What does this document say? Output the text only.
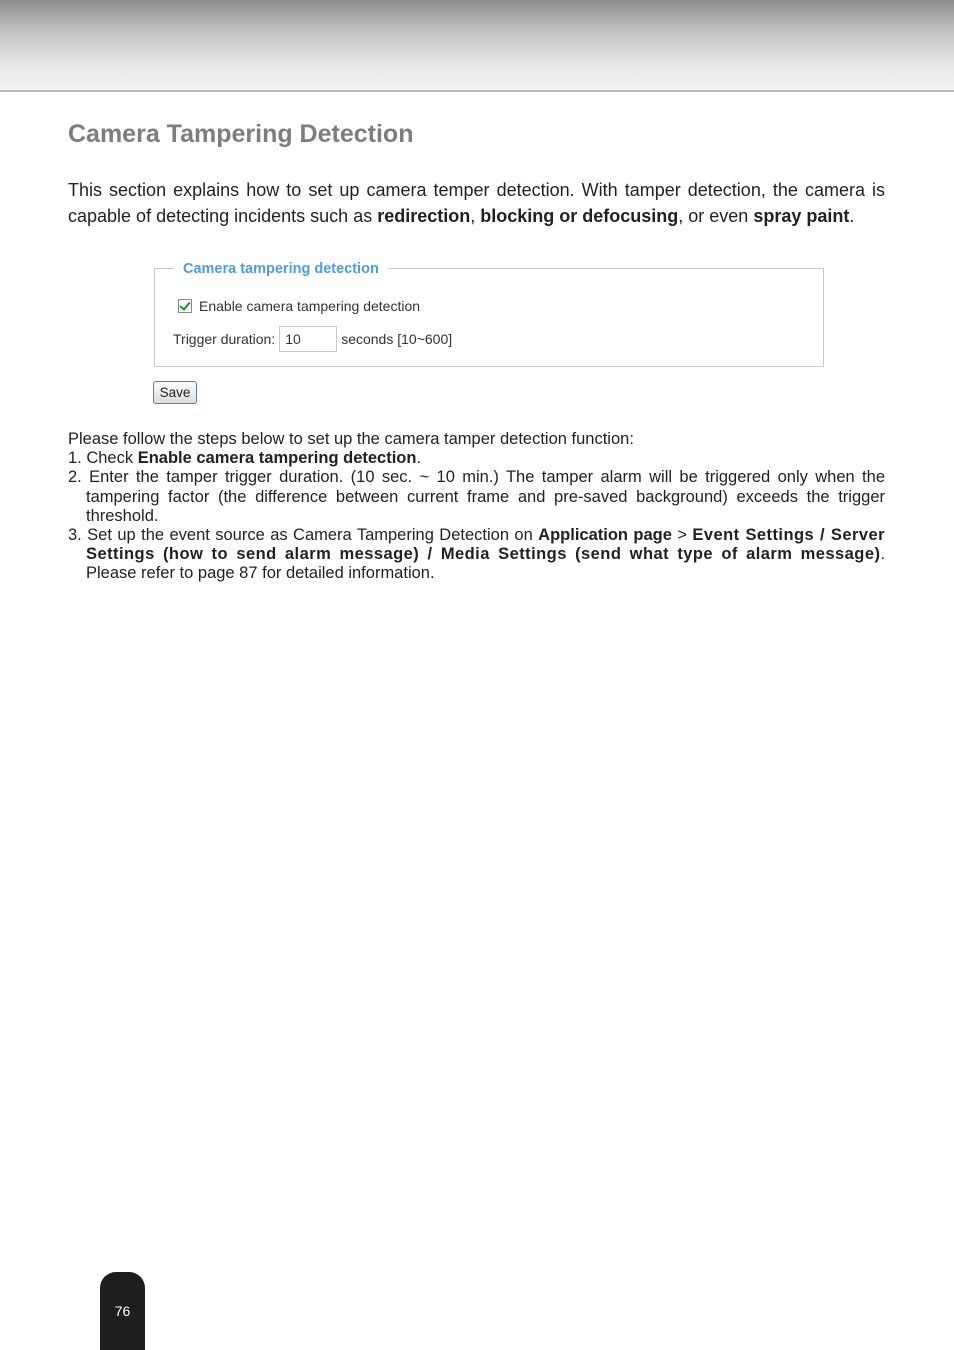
Camera Tampering Detection

This section explains how to set up camera temper detection. With tamper detection, the camera is capable of detecting incidents such as redirection, blocking or defocusing, or even spray paint.

Camera tampering detection
Enable camera tampering detection
Trigger duration: 10	seconds [10~600]
Save

Please follow the steps below to set up the camera tamper detection function:

1. Check Enable camera tampering detection.

2. Enter the tamper trigger duration. (10 sec. ~ 10 min.) The tamper alarm will be triggered only when the tampering factor (the difference between current frame and pre-saved background) exceeds the trigger threshold.

3. Set up the event source as Camera Tampering Detection on Application page > Event Settings / Server Settings (how to send alarm message) / Media Settings (send what type of alarm message). Please refer to page 87 for detailed information.

76
